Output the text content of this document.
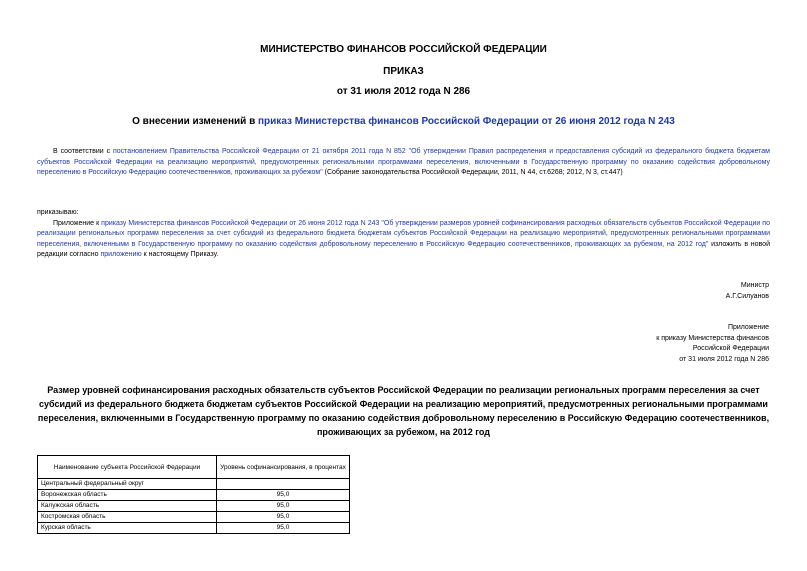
МИНИСТЕРСТВО ФИНАНСОВ РОССИЙСКОЙ ФЕДЕРАЦИИ
ПРИКАЗ
от 31 июля 2012 года N 286
О внесении изменений в приказ Министерства финансов Российской Федерации от 26 июня 2012 года N 243
В соответствии с постановлением Правительства Российской Федерации от 21 октября 2011 года N 852 "Об утверждении Правил распределения и предоставления субсидий из федерального бюджета бюджетам субъектов Российской Федерации на реализацию мероприятий, предусмотренных региональными программами переселения, включенными в Государственную программу по оказанию содействия добровольному переселению в Российскую Федерацию соотечественников, проживающих за рубежом" (Собрание законодательства Российской Федерации, 2011, N 44, ст.6268; 2012, N 3, ст.447)
приказываю:
Приложение к приказу Министерства финансов Российской Федерации от 26 июня 2012 года N 243 "Об утверждении размеров уровней софинансирования расходных обязательств субъектов Российской Федерации по реализации региональных программ переселения за счет субсидий из федерального бюджета бюджетам субъектов Российской Федерации на реализацию мероприятий, предусмотренных региональными программами переселения, включенными в Государственную программу по оказанию содействия добровольному переселению в Российскую Федерацию соотечественников, проживающих за рубежом, на 2012 год" изложить в новой редакции согласно приложению к настоящему Приказу.
Министр
А.Г.Силуанов
Приложение
к приказу Министерства финансов
Российской Федерации
от 31 июля 2012 года N 286
Размер уровней софинансирования расходных обязательств субъектов Российской Федерации по реализации региональных программ переселения за счет субсидий из федерального бюджета бюджетам субъектов Российской Федерации на реализацию мероприятий, предусмотренных региональными программами переселения, включенными в Государственную программу по оказанию содействия добровольному переселению в Российскую Федерацию соотечественников, проживающих за рубежом, на 2012 год
Наименование субъекта Российской Федерации	Уровень софинансирования, в процентах
Центральный федеральный округ	
Воронежская область	95,0
Калужская область	95,0
Костромская область	95,0
Курская область	95,0
